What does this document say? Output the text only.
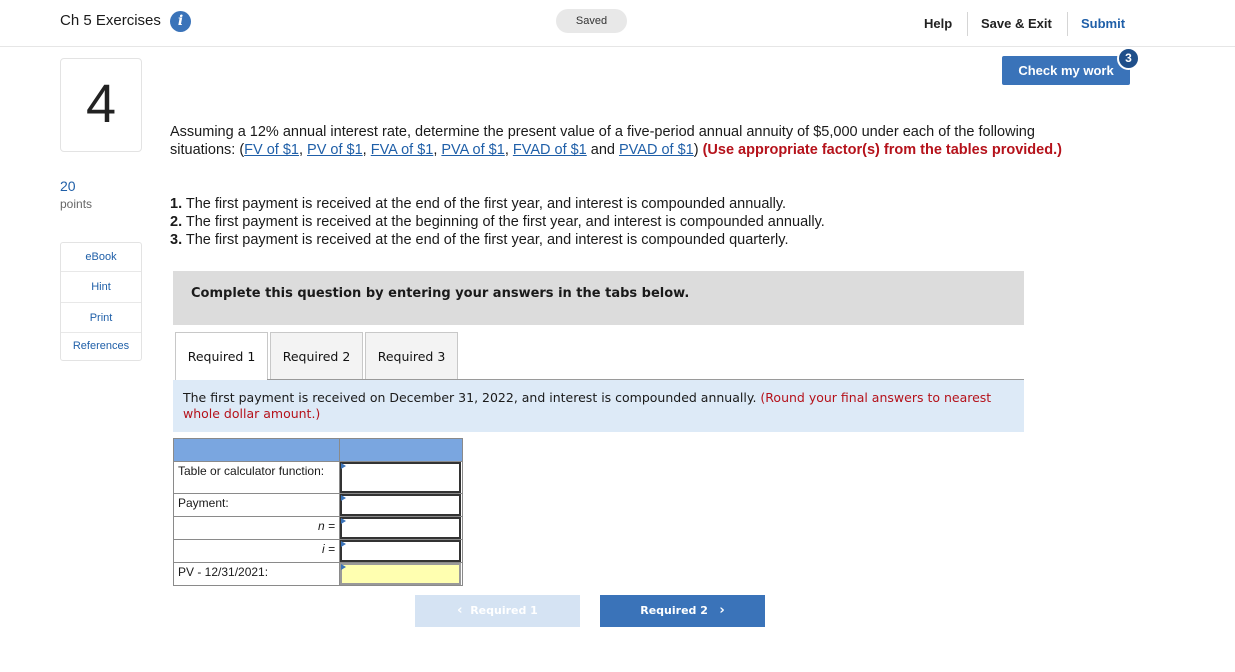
Ch 5 Exercises	i	Saved	Help Save & Exit Submit
4
20
points
eBook
Hint
Print
References
Check my work
3
Assuming a 12% annual interest rate, determine the present value of a five-period annual annuity of $5,000 under each of the following situations: (FV of $1, PV of $1, FVA of $1, PVA of $1, FVAD of $1 and PVAD of $1) (Use appropriate factor(s) from the tables provided.)
1. The first payment is received at the end of the first year, and interest is compounded annually.
2. The first payment is received at the beginning of the first year, and interest is compounded annually.
3. The first payment is received at the end of the first year, and interest is compounded quarterly.
Complete this question by entering your answers in the tabs below.
Required 1	Required 2	Required 3
The first payment is received on December 31, 2022, and interest is compounded annually. (Round your final answers to nearest whole dollar amount.)

Table or calculator function:	

Payment:	

n =	

i =	

PV - 12/31/2021:	
‹ Required 1	Required 2 ›
